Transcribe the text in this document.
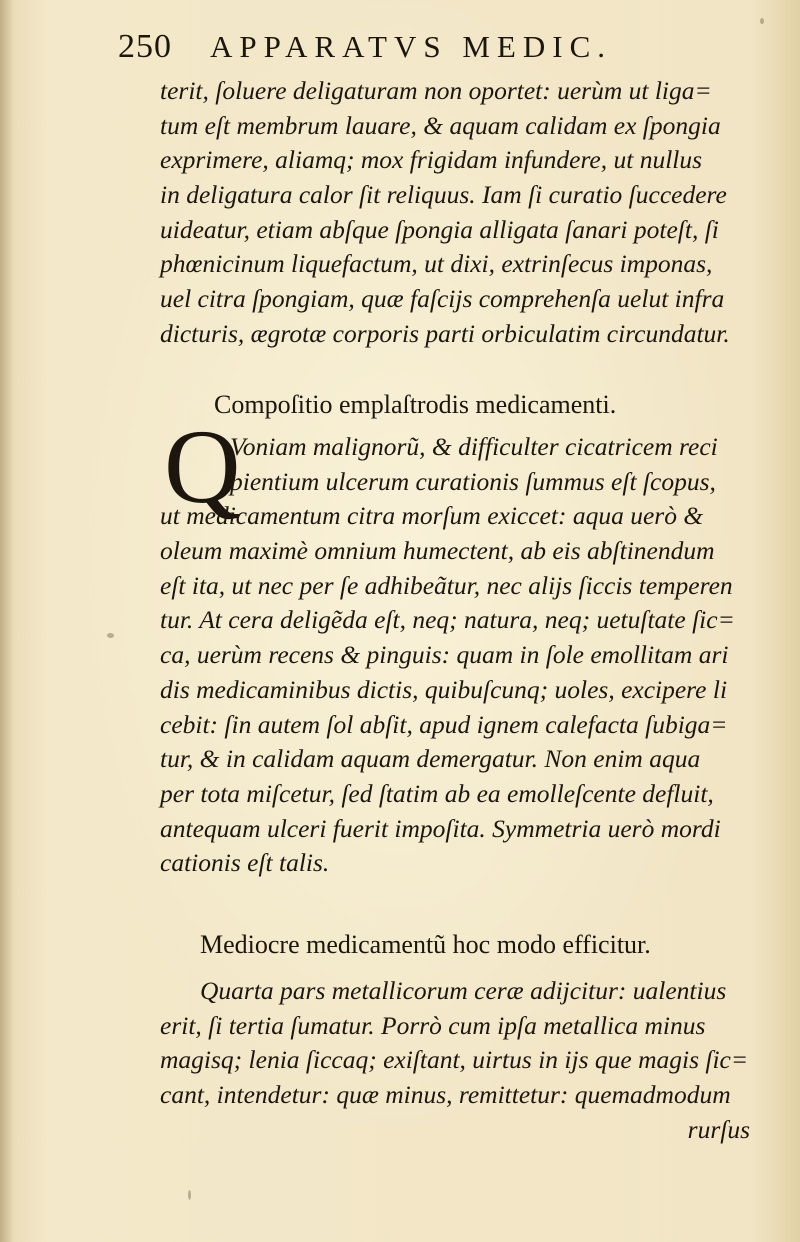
250 APPARATVS MEDIC.
terit, ſoluere deligaturam non oportet: uerùm ut liga=
tum eſt membrum lauare, & aquam calidam ex ſpongia
exprimere, aliamq; mox frigidam infundere, ut nullus
in deligatura calor ſit reliquus. Iam ſi curatio ſuccedere
uideatur, etiam abſque ſpongia alligata ſanari poteſt, ſi
phœnicinum liquefactum, ut dixi, extrinſecus imponas,
uel citra ſpongiam, quæ faſcijs comprehenſa uelut infra
dicturis, ægrotæ corporis parti orbiculatim circundatur.
Compoſitio emplaſtrodis medicamenti.
Q
Voniam malignorũ, & difficulter cicatricem reci
pientium ulcerum curationis ſummus eſt ſcopus,
ut medicamentum citra morſum exiccet: aqua uerò &
oleum maximè omnium humectent, ab eis abſtinendum
eſt ita, ut nec per ſe adhibeãtur, nec alijs ſiccis temperen
tur. At cera deligẽda eſt, neq; natura, neq; uetuſtate ſic=
ca, uerùm recens & pinguis: quam in ſole emollitam ari
dis medicaminibus dictis, quibuſcunq; uoles, excipere li
cebit: ſin autem ſol abſit, apud ignem calefacta ſubiga=
tur, & in calidam aquam demergatur. Non enim aqua
per tota miſcetur, ſed ſtatim ab ea emolleſcente defluit,
antequam ulceri fuerit impoſita. Symmetria uerò mordi
cationis eſt talis.
Mediocre medicamentũ hoc modo efficitur.
Quarta pars metallicorum ceræ adijcitur: ualentius
erit, ſi tertia ſumatur. Porrò cum ipſa metallica minus
magisq; lenia ſiccaq; exiſtant, uirtus in ijs que magis ſic=
cant, intendetur: quæ minus, remittetur: quemadmodum
rurſus
